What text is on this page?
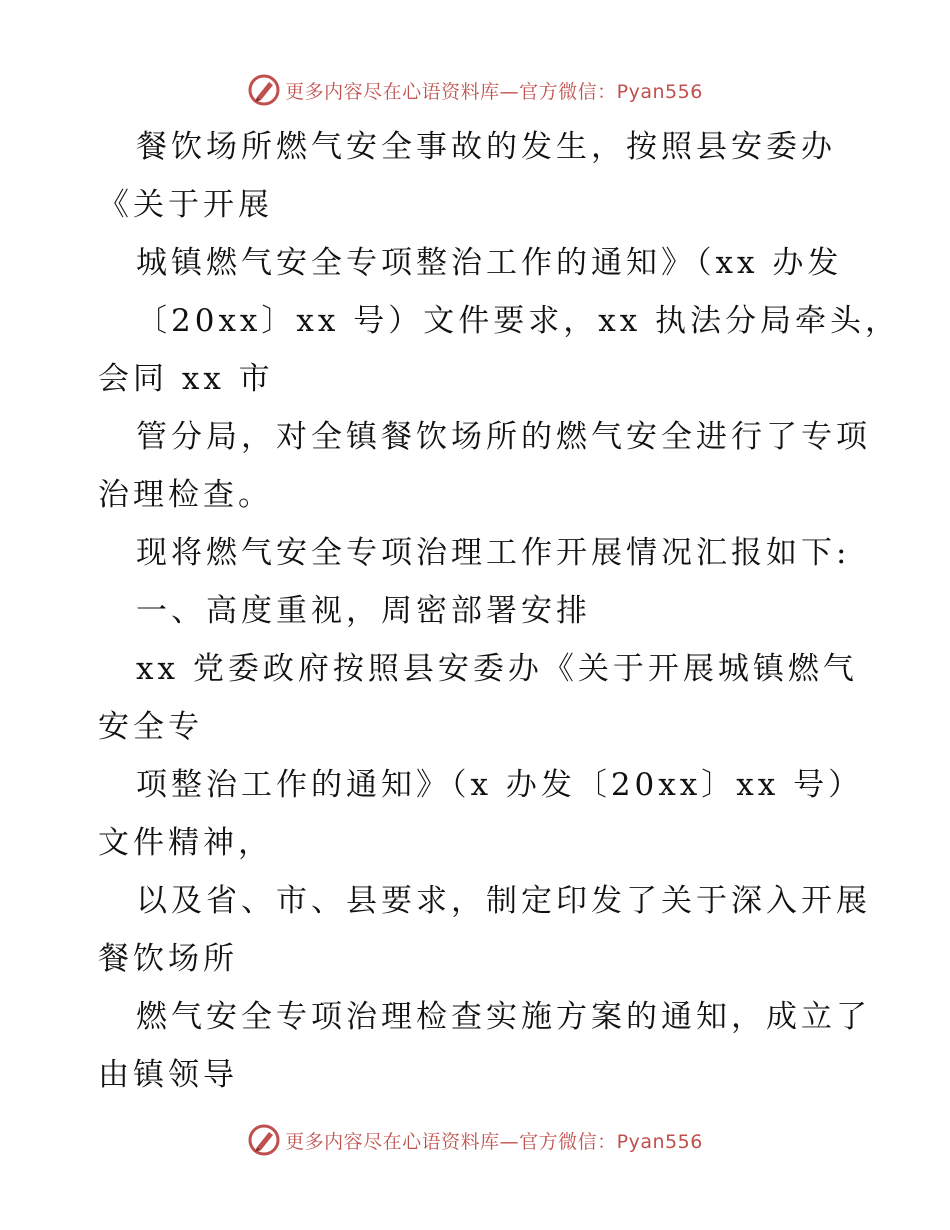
更多内容尽在心语资料库—官方微信：Pyan556
餐饮场所燃气安全事故的发生，按照县安委办
《关于开展
城镇燃气安全专项整治工作的通知》（xx 办发
〔20xx〕xx 号）文件要求，xx 执法分局牵头，
会同 xx 市
管分局，对全镇餐饮场所的燃气安全进行了专项
治理检查。
现将燃气安全专项治理工作开展情况汇报如下:
一、高度重视，周密部署安排
xx 党委政府按照县安委办《关于开展城镇燃气
安全专
项整治工作的通知》（x 办发〔20xx〕xx 号）
文件精神，
以及省、市、县要求，制定印发了关于深入开展
餐饮场所
燃气安全专项治理检查实施方案的通知，成立了
由镇领导
更多内容尽在心语资料库—官方微信：Pyan556
